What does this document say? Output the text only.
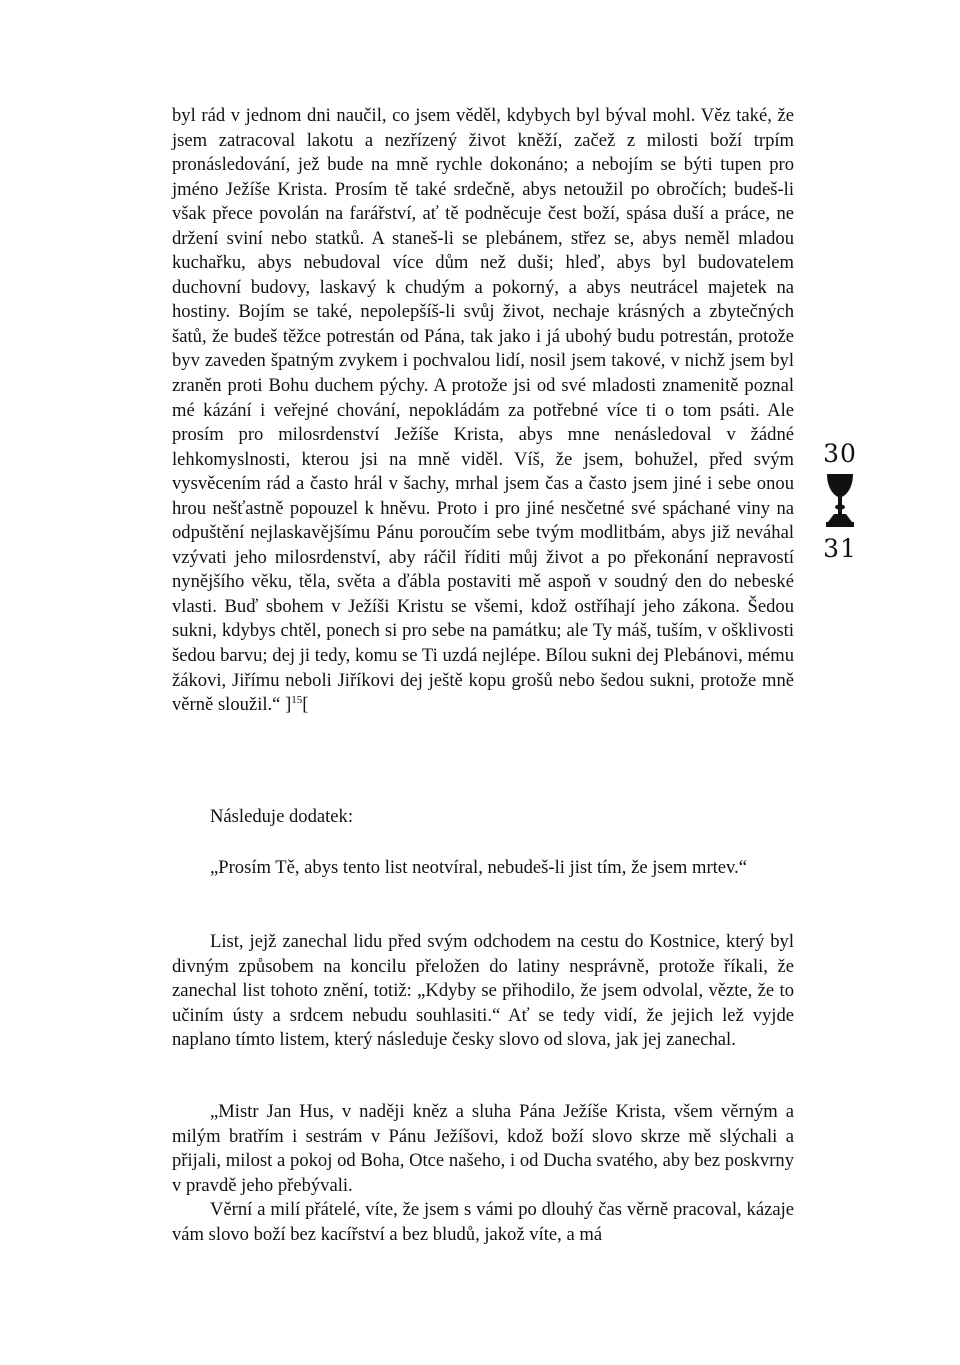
byl rád v jednom dni naučil, co jsem věděl, kdybych byl býval mohl. Věz také, že jsem zatracoval lakotu a nezřízený život kněží, začež z milosti boží trpím pronásledování, jež bude na mně rychle dokonáno; a nebojím se býti tupen pro jméno Ježíše Krista. Prosím tě také srdečně, abys netoužil po obročích; budeš-li však přece povolán na farářství, ať tě podněcuje čest boží, spása duší a práce, ne držení sviní nebo statků. A staneš-li se plebánem, střez se, abys neměl mladou kuchařku, abys nebudoval více dům než duši; hleď, abys byl budovatelem duchovní budovy, laskavý k chudým a pokorný, a abys neutrácel majetek na hostiny. Bojím se také, nepolepšíš-li svůj život, nechaje krásných a zbytečných šatů, že budeš těžce potrestán od Pána, tak jako i já ubohý budu potrestán, protože byv zaveden špatným zvykem i pochvalou lidí, nosil jsem takové, v nichž jsem byl zraněn proti Bohu duchem pýchy. A protože jsi od své mladosti znamenitě poznal mé kázání i veřejné chování, nepokládám za potřebné více ti o tom psáti. Ale prosím pro milosrdenství Ježíše Krista, abys mne nenásledoval v žádné lehkomyslnosti, kterou jsi na mně viděl. Víš, že jsem, bohužel, před svým vysvěcením rád a často hrál v šachy, mrhal jsem čas a často jsem jiné i sebe onou hrou nešťastně popouzel k hněvu. Proto i pro jiné nesčetné své spáchané viny na odpuštění nejlaskavějšímu Pánu poroučím sebe tvým modlitbám, abys již neváhal vzývati jeho milosrdenství, aby ráčil říditi můj život a po překonání nepravostí nynějšího věku, těla, světa a ďábla postaviti mě aspoň v soudný den do nebeské vlasti. Buď sbohem v Ježíši Kristu se všemi, kdož ostříhají jeho zákona. Šedou sukni, kdybys chtěl, ponech si pro sebe na památku; ale Ty máš, tuším, v ošklivosti šedou barvu; dej ji tedy, komu se Ti uzdá nejlépe. Bílou sukni dej Plebánovi, mému žákovi, Jiřímu neboli Jiříkovi dej ještě kopu grošů nebo šedou sukni, protože mně věrně sloužil.“ ]$^{15}$[

Následuje dodatek:

„Prosím Tě, abys tento list neotvíral, nebudeš-li jist tím, že jsem mrtev.“

List, jejž zanechal lidu před svým odchodem na cestu do Kostnice, který byl divným způsobem na koncilu přeložen do latiny nesprávně, protože říkali, že zanechal list tohoto znění, totiž: „Kdyby se přihodilo, že jsem odvolal, vězte, že to učiním ústy a srdcem nebudu souhlasiti.“ Ať se tedy vidí, že jejich lež vyjde naplano tímto listem, který následuje česky slovo od slova, jak jej zanechal.

„Mistr Jan Hus, v naději kněz a sluha Pána Ježíše Krista, všem věrným a milým bratřím i sestrám v Pánu Ježíšovi, kdož boží slovo skrze mě slýchali a přijali, milost a pokoj od Boha, Otce našeho, i od Ducha svatého, aby bez poskvrny v pravdě jeho přebývali.

Věrní a milí přátelé, víte, že jsem s vámi po dlouhý čas věrně pracoval, kázaje vám slovo boží bez kacířství a bez bludů, jakož víte, a má

30
31
